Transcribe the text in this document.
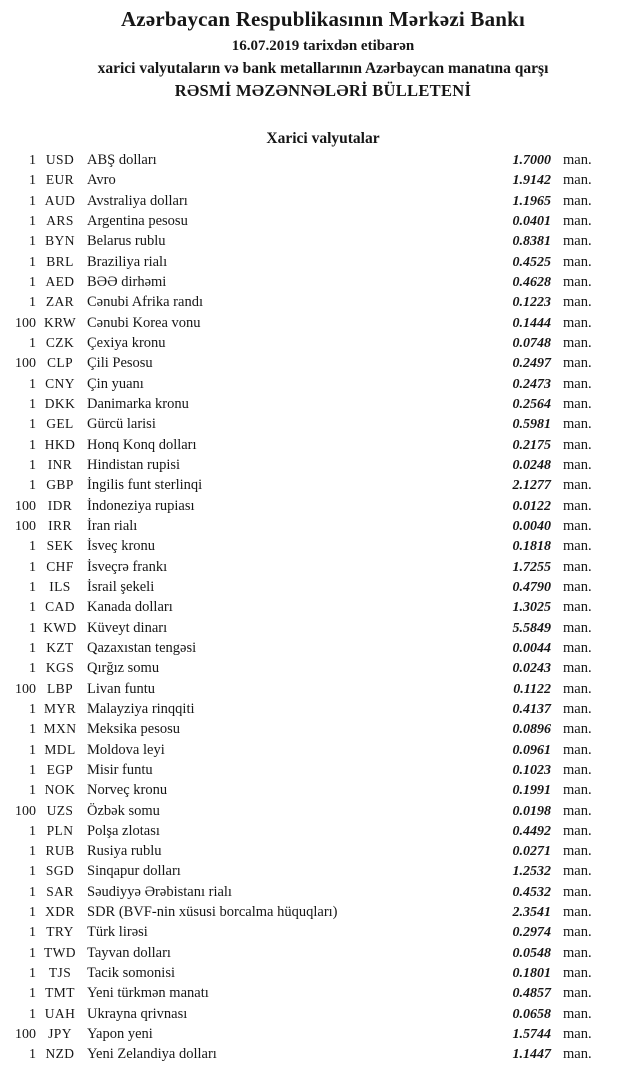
Azərbaycan Respublikasının Mərkəzi Bankı
16.07.2019 tarixdən etibarən
xarici valyutaların və bank metallarının Azərbaycan manatına qarşı
RƏSMİ MƏZƏNNƏLƏRİ BÜLLETENİ
Xarici valyutalar
1 USD ABŞ dolları	1.7000 man.
1 EUR Avro	1.9142 man.
1 AUD Avstraliya dolları	1.1965 man.
1 ARS Argentina pesosu	0.0401 man.
1 BYN Belarus rublu	0.8381 man.
1 BRL Braziliya rialı	0.4525 man.
1 AED BƏƏ dirhəmi	0.4628 man.
1 ZAR Cənubi Afrika randı	0.1223 man.
100 KRW Cənubi Korea vonu	0.1444 man.
1 CZK Çexiya kronu	0.0748 man.
100 CLP Çili Pesosu	0.2497 man.
1 CNY Çin yuanı	0.2473 man.
1 DKK Danimarka kronu	0.2564 man.
1 GEL Gürcü larisi	0.5981 man.
1 HKD Honq Konq dolları	0.2175 man.
1 INR	Hindistan rupisi	0.0248 man.
1 GBP İngilis funt sterlinqi	2.1277 man.
100 IDR	İndoneziya rupiası	0.0122 man.
100 IRR	İran rialı	0.0040 man.
1 SEK İsveç kronu	0.1818 man.
1 CHF İsveçrə frankı	1.7255 man.
1 ILS	İsrail şekeli	0.4790 man.
1 CAD Kanada dolları	1.3025 man.
1 KWD Küveyt dinarı	5.5849 man.
1 KZT Qazaxıstan tengəsi	0.0044 man.
1 KGS Qırğız somu	0.0243 man.
100 LBP Livan funtu	0.1122 man.
1 MYR Malayziya rinqqiti	0.4137 man.
1 MXN Meksika pesosu	0.0896 man.
1 MDL Moldova leyi	0.0961 man.
1 EGP Misir funtu	0.1023 man.
1 NOK Norveç kronu	0.1991 man.
100 UZS Özbək somu	0.0198 man.
1 PLN Polşa zlotası	0.4492 man.
1 RUB Rusiya rublu	0.0271 man.
1 SGD Sinqapur dolları	1.2532 man.
1 SAR Səudiyyə Ərəbistanı rialı	0.4532 man.
1 XDR SDR (BVF-nin xüsusi borcalma hüquqları)	2.3541 man.
1 TRY Türk lirəsi	0.2974 man.
1 TWD Tayvan dolları	0.0548 man.
1 TJS	Tacik somonisi	0.1801 man.
1 TMT Yeni türkmən manatı	0.4857 man.
1 UAH Ukrayna qrivnası	0.0658 man.
100 JPY	Yapon yeni	1.5744 man.
1 NZD Yeni Zelandiya dolları	1.1447 man.
